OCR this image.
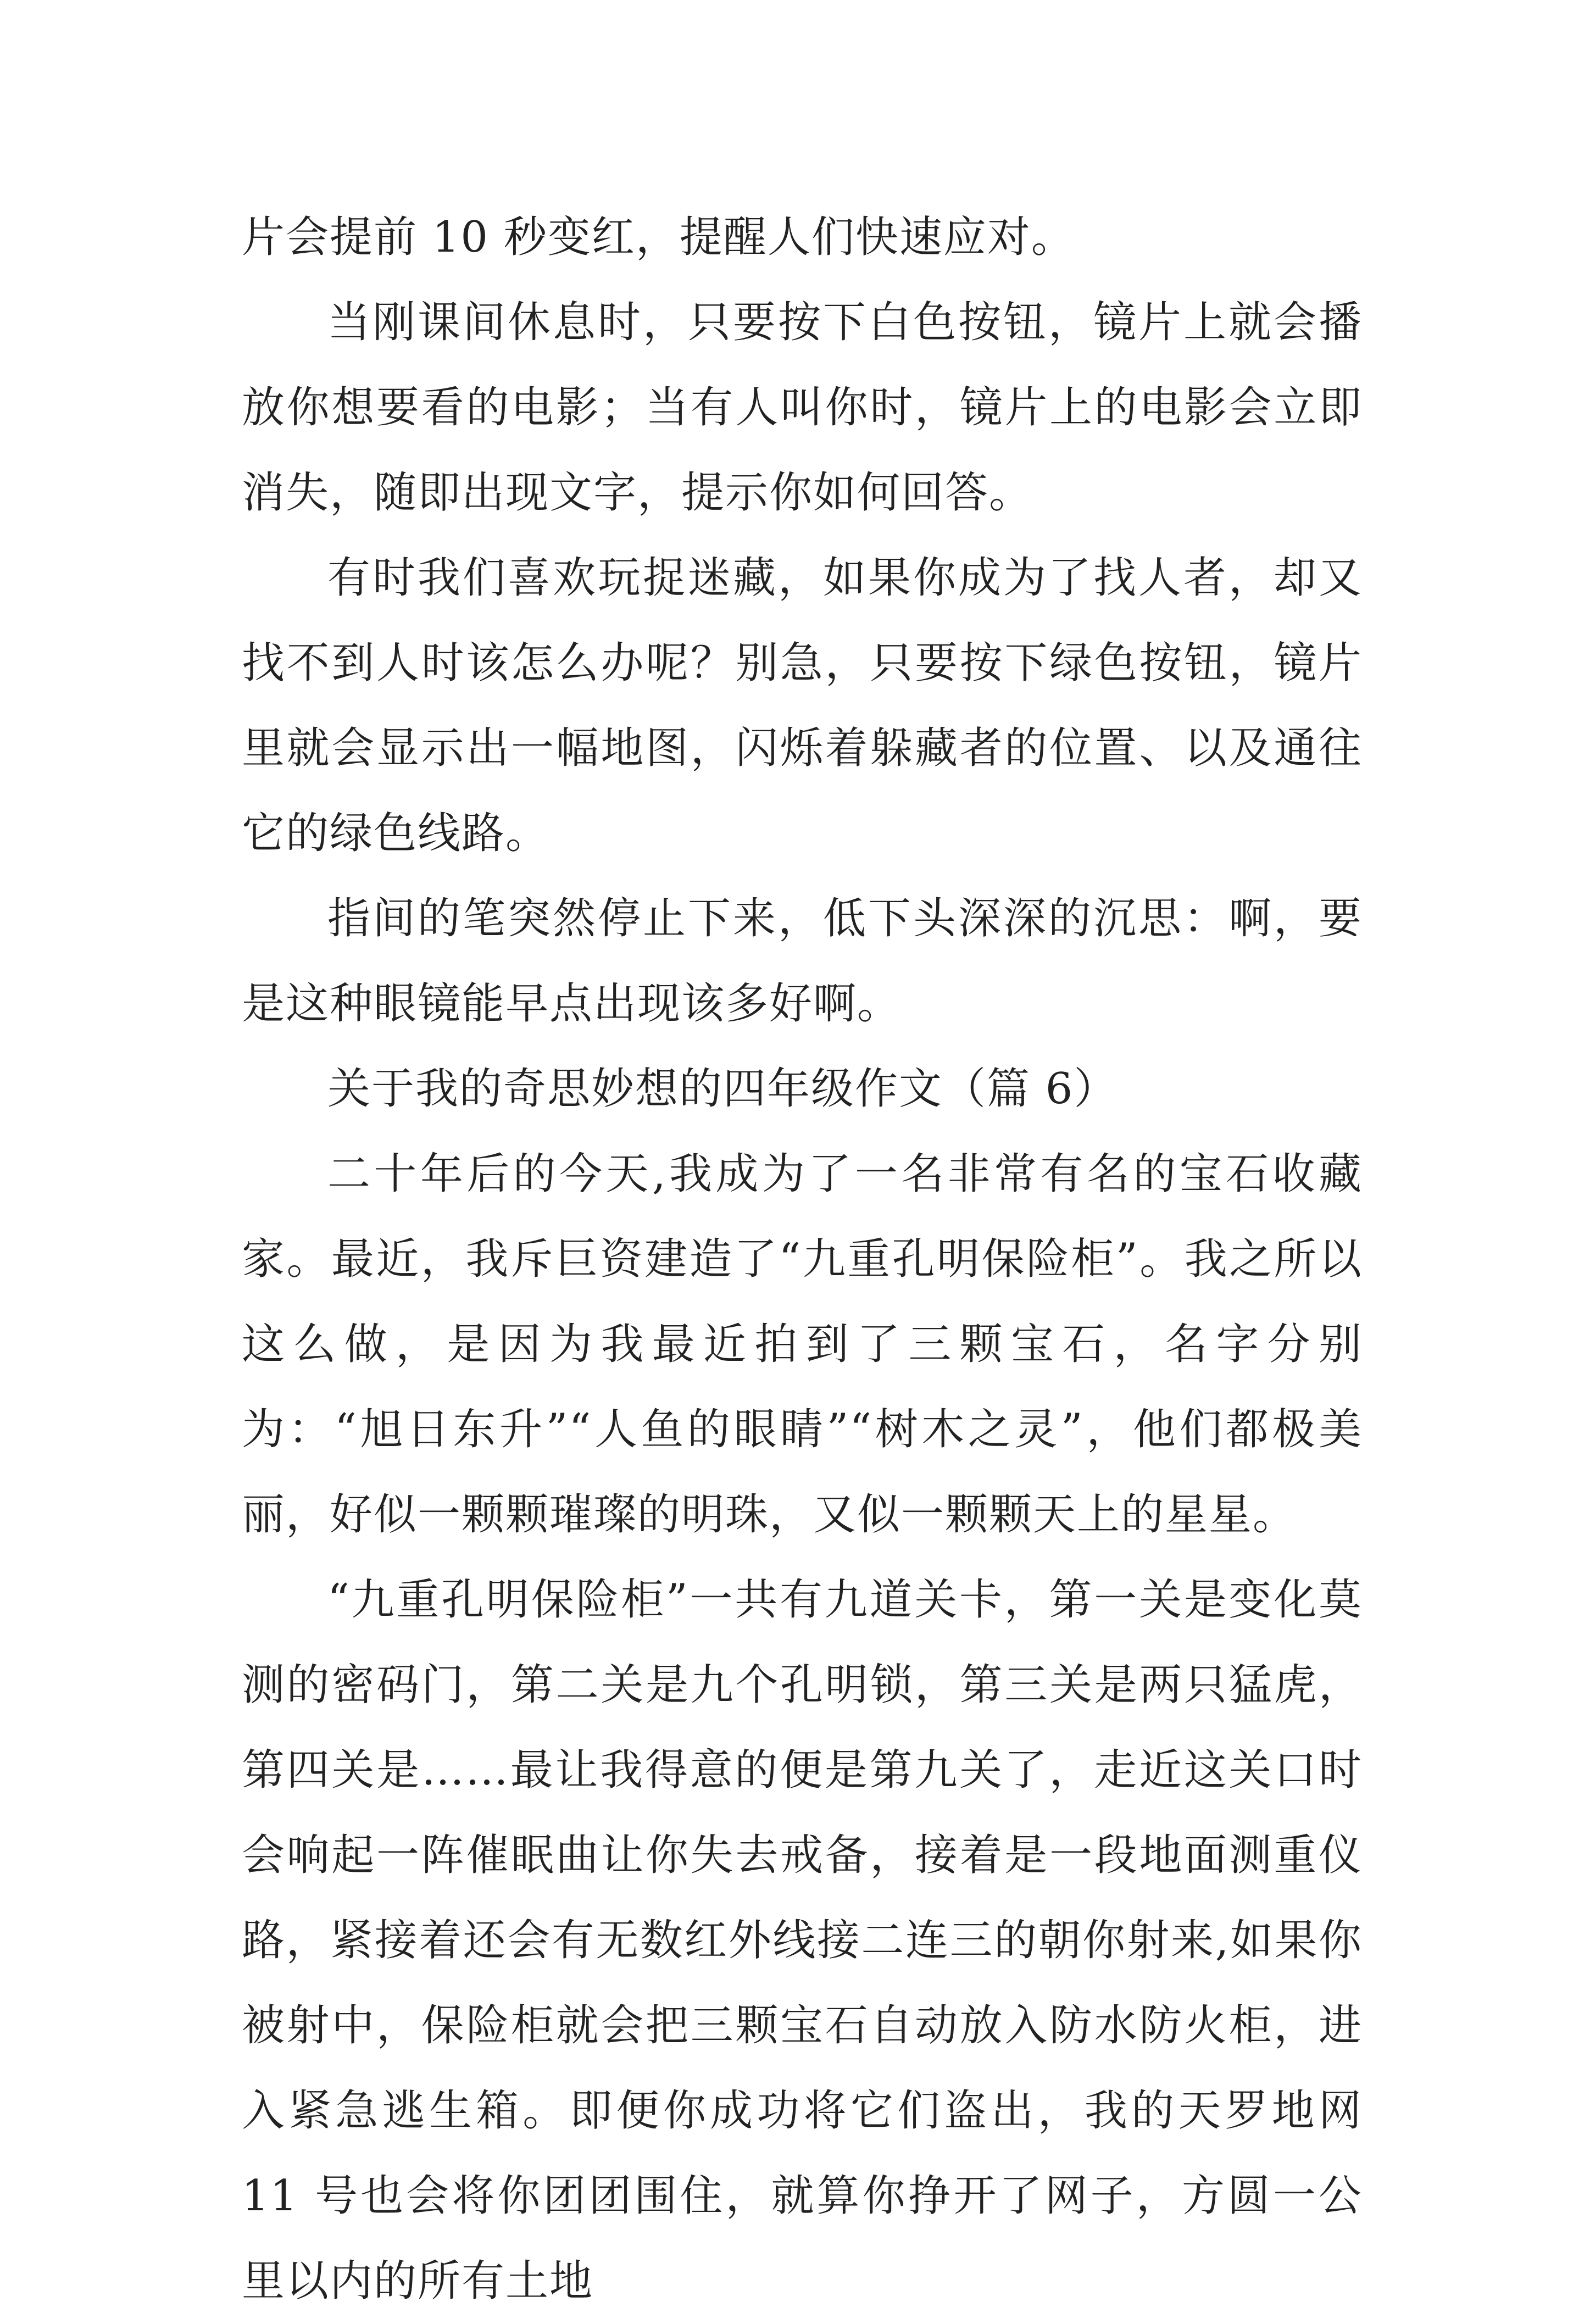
片会提前 10 秒变红，提醒人们快速应对。

当刚课间休息时，只要按下白色按钮，镜片上就会播放你想要看的电影；当有人叫你时，镜片上的电影会立即消失，随即出现文字，提示你如何回答。

有时我们喜欢玩捉迷藏，如果你成为了找人者，却又找不到人时该怎么办呢？别急，只要按下绿色按钮，镜片里就会显示出一幅地图，闪烁着躲藏者的位置、以及通往它的绿色线路。

指间的笔突然停止下来，低下头深深的沉思：啊，要是这种眼镜能早点出现该多好啊。

关于我的奇思妙想的四年级作文（篇 6）

二十年后的今天,我成为了一名非常有名的宝石收藏家。最近，我斥巨资建造了“九重孔明保险柜”。我之所以这么做，是因为我最近拍到了三颗宝石，名字分别为：“旭日东升”“人鱼的眼睛”“树木之灵”，他们都极美丽，好似一颗颗璀璨的明珠，又似一颗颗天上的星星。

“九重孔明保险柜”一共有九道关卡，第一关是变化莫测的密码门，第二关是九个孔明锁，第三关是两只猛虎，第四关是……最让我得意的便是第九关了，走近这关口时会响起一阵催眠曲让你失去戒备，接着是一段地面测重仪路，紧接着还会有无数红外线接二连三的朝你射来,如果你被射中，保险柜就会把三颗宝石自动放入防水防火柜，进入紧急逃生箱。即便你成功将它们盗出，我的天罗地网 11 号也会将你团团围住，就算你挣开了网子，方圆一公里以内的所有土地
